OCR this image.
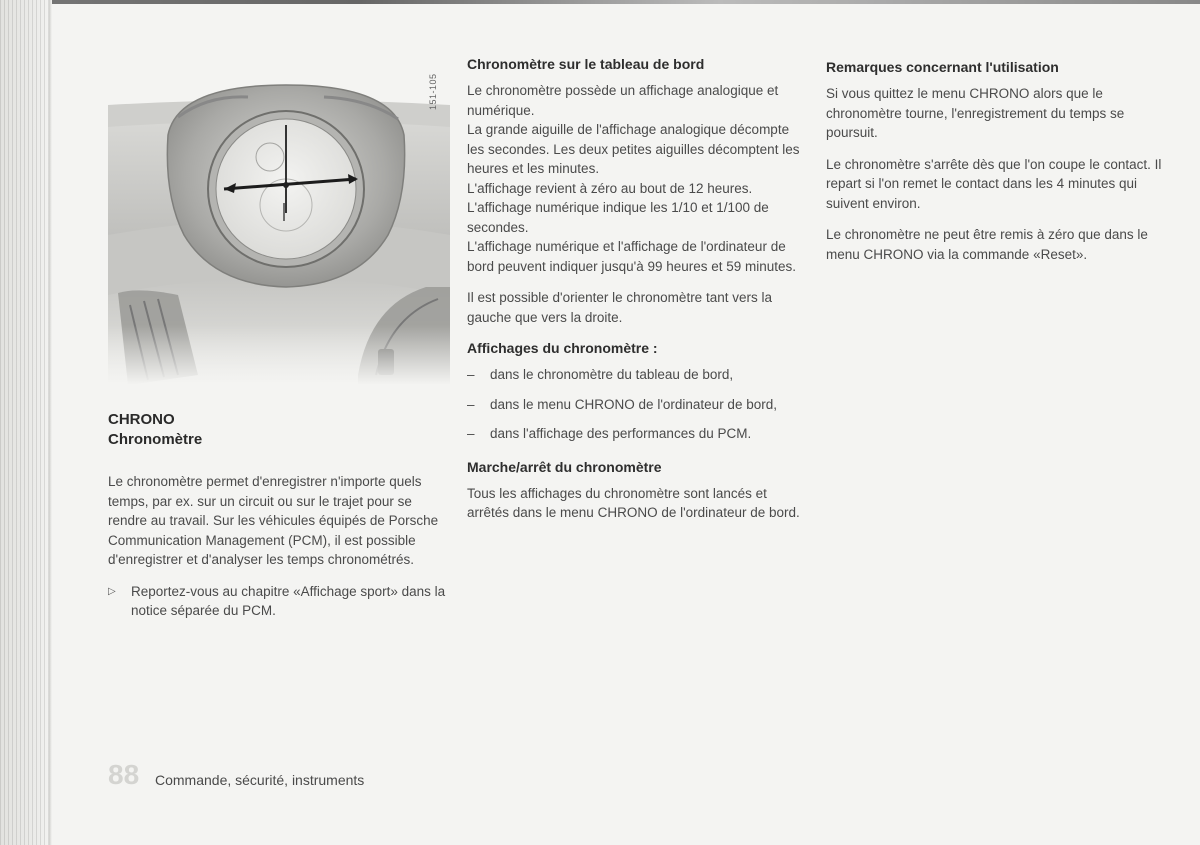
151-105
CHRONO
Chronomètre

Le chronomètre permet d'enregistrer n'importe quels temps, par ex. sur un circuit ou sur le trajet pour se rendre au travail. Sur les véhicules équipés de Porsche Communication Management (PCM), il est possible d'enregistrer et d'analyser les temps chronométrés.

▷ Reportez-vous au chapitre «Affichage sport» dans la notice séparée du PCM.
Chronomètre sur le tableau de bord

Le chronomètre possède un affichage analogique et numérique.
La grande aiguille de l'affichage analogique décompte les secondes. Les deux petites aiguilles décomptent les heures et les minutes.
L'affichage revient à zéro au bout de 12 heures.
L'affichage numérique indique les 1/10 et 1/100 de secondes.
L'affichage numérique et l'affichage de l'ordinateur de bord peuvent indiquer jusqu'à 99 heures et 59 minutes.

Il est possible d'orienter le chronomètre tant vers la gauche que vers la droite.

Affichages du chronomètre :
– dans le chronomètre du tableau de bord,
– dans le menu CHRONO de l'ordinateur de bord,
– dans l'affichage des performances du PCM.
Marche/arrêt du chronomètre

Tous les affichages du chronomètre sont lancés et arrêtés dans le menu CHRONO de l'ordinateur de bord.

Remarques concernant l'utilisation

Si vous quittez le menu CHRONO alors que le chronomètre tourne, l'enregistrement du temps se poursuit.

Le chronomètre s'arrête dès que l'on coupe le contact. Il repart si l'on remet le contact dans les 4 minutes qui suivent environ.

Le chronomètre ne peut être remis à zéro que dans le menu CHRONO via la commande «Reset».

88 Commande, sécurité, instruments
